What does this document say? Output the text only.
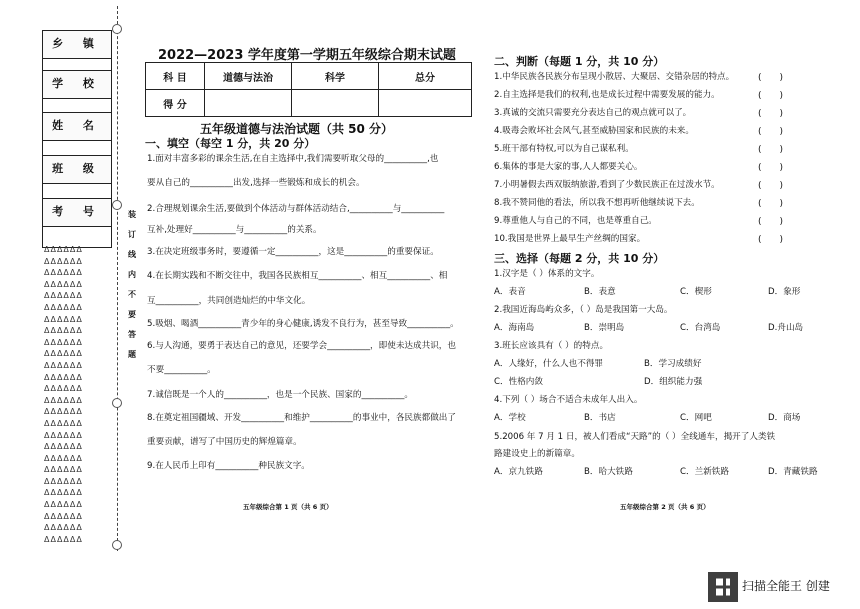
乡 镇
学 校
姓 名
班 级
考 号
ΔΔΔΔΔΔ
ΔΔΔΔΔΔ
ΔΔΔΔΔΔ
ΔΔΔΔΔΔ
ΔΔΔΔΔΔ
ΔΔΔΔΔΔ
ΔΔΔΔΔΔ
ΔΔΔΔΔΔ
ΔΔΔΔΔΔ
ΔΔΔΔΔΔ
ΔΔΔΔΔΔ
ΔΔΔΔΔΔ
ΔΔΔΔΔΔ
ΔΔΔΔΔΔ
ΔΔΔΔΔΔ
ΔΔΔΔΔΔ
ΔΔΔΔΔΔ
ΔΔΔΔΔΔ
ΔΔΔΔΔΔ
ΔΔΔΔΔΔ
ΔΔΔΔΔΔ
ΔΔΔΔΔΔ
ΔΔΔΔΔΔ
ΔΔΔΔΔΔ
ΔΔΔΔΔΔ
ΔΔΔΔΔΔ
装
订
线
内
不
要
答
题
2022—2023 学年度第一学期五年级综合期末试题
科 目	道德与法治	科学	总分
得 分			
五年级道德与法治试题（共 50 分）
一、填空（每空 1 分，共 20 分）
1.面对丰富多彩的课余生活,在自主选择中,我们需要听取父母的__________,也
要从自己的__________出发,选择一些锻炼和成长的机会。
2.合理规划课余生活,要做到个体活动与群体活动结合,__________与__________
互补,处理好__________与__________的关系。
3.在决定班级事务时，要遵循一定__________，这是__________的重要保证。
4.在长期实践和不断交往中，我国各民族相互__________、相互__________、相
互__________，共同创造灿烂的中华文化。
5.吸烟、喝酒__________青少年的身心健康,诱发不良行为，甚至导致__________。
6.与人沟通，要勇于表达自己的意见，还要学会__________，即使未达成共识，也
不要__________。
7.诚信既是一个人的__________，也是一个民族、国家的__________。
8.在奠定祖国疆域、开发__________和维护__________的事业中，各民族都做出了
重要贡献，谱写了中国历史的辉煌篇章。
9.在人民币上印有__________种民族文字。
五年级综合第 1 页（共 6 页）
二、判断（每题 1 分，共 10 分）
1.中华民族各民族分布呈现小散居、大聚居、交错杂居的特点。
2.自主选择是我们的权利,也是成长过程中需要发展的能力。
3.真诚的交流只需要充分表达自己的观点就可以了。
4.吸毒会败坏社会风气,甚至威胁国家和民族的未来。
5.班干部有特权,可以为自己谋私利。
6.集体的事是大家的事,人人都要关心。
7.小明暑假去西双版纳旅游,看到了少数民族正在过泼水节。
8.我不赞同他的看法，所以我不想再听他继续说下去。
9.尊重他人与自己的不同，也是尊重自己。
10.我国是世界上最早生产丝绸的国家。
(　　)
(　　)
(　　)
(　　)
(　　)
(　　)
(　　)
(　　)
(　　)
(　　)
三、选择（每题 2 分，共 10 分）
1.汉字是（ ）体系的文字。
A．表音	B．表意	C．楔形	D．象形
2.我国近海岛屿众多，（ ）岛是我国第一大岛。
A．海南岛	B．崇明岛	C．台湾岛	D.舟山岛
3.班长应该具有（ ）的特点。
A．人缘好，什么人也不得罪	B．学习成绩好
C．性格内敛	D．组织能力强
4.下列（ ）场合不适合未成年人出入。
A．学校	B．书店	C．网吧	D．商场
5.2006 年 7 月 1 日，被人们看成“天路”的（ ）全线通车，揭开了人类铁
路建设史上的新篇章。
A．京九铁路	B．哈大铁路	C．兰新铁路	D．青藏铁路
五年级综合第 2 页（共 6 页）
扫描全能王 创建
